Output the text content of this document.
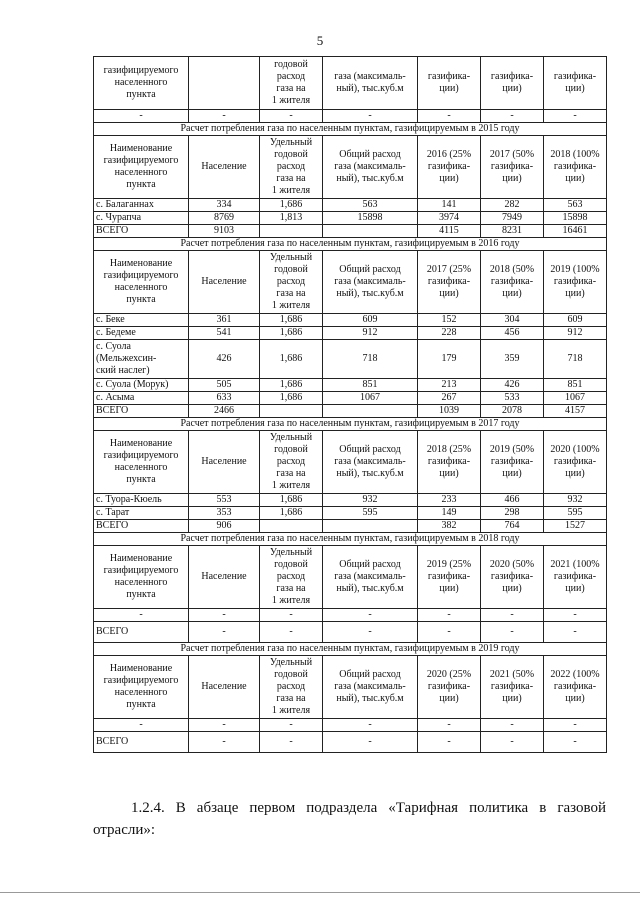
5
газифицируемого
населенного
пункта		годовой
расход
газа на
1 жителя	газа (максималь-
ный), тыс.куб.м	газифика-
ции)	газифика-
ции)	газифика-
ции)
-	-	-	-	-	-	-
Расчет потребления газа по населенным пунктам, газифицируемым в 2015 году						
Наименование
газифицируемого
населенного
пункта	Население	Удельный
годовой
расход
газа на
1 жителя	Общий расход
газа (максималь-
ный), тыс.куб.м	2016 (25%
газифика-
ции)	2017 (50%
газифика-
ции)	2018 (100%
газифика-
ции)
с. Балаганнах	334	1,686	563	141	282	563
с. Чурапча	8769	1,813	15898	3974	7949	15898
ВСЕГО	9103			4115	8231	16461
Расчет потребления газа по населенным пунктам, газифицируемым в 2016 году						
Наименование
газифицируемого
населенного
пункта	Население	Удельный
годовой
расход
газа на
1 жителя	Общий расход
газа (максималь-
ный), тыс.куб.м	2017 (25%
газифика-
ции)	2018 (50%
газифика-
ции)	2019 (100%
газифика-
ции)
с. Беке	361	1,686	609	152	304	609
с. Бедеме	541	1,686	912	228	456	912
с. Суола
(Мельжехсин-
ский наслег)	426	1,686	718	179	359	718
с. Суола (Морук)	505	1,686	851	213	426	851
с. Асыма	633	1,686	1067	267	533	1067
ВСЕГО	2466			1039	2078	4157
Расчет потребления газа по населенным пунктам, газифицируемым в 2017 году						
Наименование
газифицируемого
населенного
пункта	Население	Удельный
годовой
расход
газа на
1 жителя	Общий расход
газа (максималь-
ный), тыс.куб.м	2018 (25%
газифика-
ции)	2019 (50%
газифика-
ции)	2020 (100%
газифика-
ции)
с. Туора-Кюель	553	1,686	932	233	466	932
с. Тарат	353	1,686	595	149	298	595
ВСЕГО	906			382	764	1527
Расчет потребления газа по населенным пунктам, газифицируемым в 2018 году						
Наименование
газифицируемого
населенного
пункта	Население	Удельный
годовой
расход
газа на
1 жителя	Общий расход
газа (максималь-
ный), тыс.куб.м	2019 (25%
газифика-
ции)	2020 (50%
газифика-
ции)	2021 (100%
газифика-
ции)
-	-	-	-	-	-	-
ВСЕГО	-	-	-	-	-	-
Расчет потребления газа по населенным пунктам, газифицируемым в 2019 году						
Наименование
газифицируемого
населенного
пункта	Население	Удельный
годовой
расход
газа на
1 жителя	Общий расход
газа (максималь-
ный), тыс.куб.м	2020 (25%
газифика-
ции)	2021 (50%
газифика-
ции)	2022 (100%
газифика-
ции)
-	-	-	-	-	-	-
ВСЕГО	-	-	-	-	-	-
1.2.4. В абзаце первом подраздела «Тарифная политика в газовой отрасли»:
